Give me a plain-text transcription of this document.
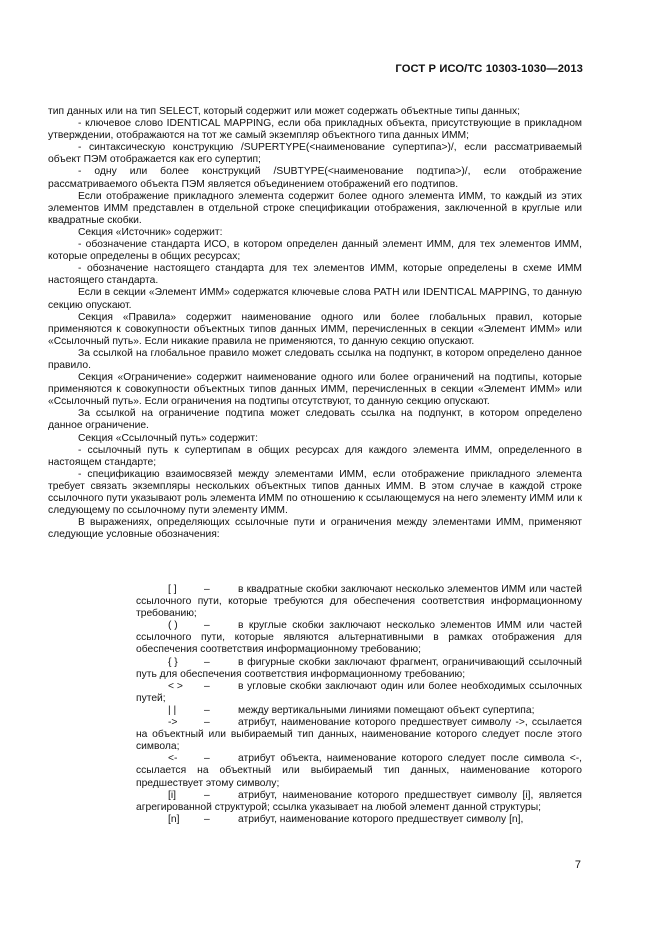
ГОСТ Р ИСО/ТС 10303-1030—2013

тип данных или на тип SELECT, который содержит или может содержать объектные типы данных;

- ключевое слово IDENTICAL MAPPING, если оба прикладных объекта, присутствующие в прикладном утверждении, отображаются на тот же самый экземпляр объектного типа данных ИММ;

- синтаксическую конструкцию /SUPERTYPE(<наименование супертипа>)/, если рассматриваемый объект ПЭМ отображается как его супертип;

- одну или более конструкций /SUBTYPE(<наименование подтипа>)/, если отображение рассматриваемого объекта ПЭМ является объединением отображений его подтипов.

Если отображение прикладного элемента содержит более одного элемента ИММ, то каждый из этих элементов ИММ представлен в отдельной строке спецификации отображения, заключенной в круглые или квадратные скобки.

Секция «Источник» содержит:

- обозначение стандарта ИСО, в котором определен данный элемент ИММ, для тех элементов ИММ, которые определены в общих ресурсах;

- обозначение настоящего стандарта для тех элементов ИММ, которые определены в схеме ИММ настоящего стандарта.

Если в секции «Элемент ИММ» содержатся ключевые слова PATH или IDENTICAL MAPPING, то данную секцию опускают.

Секция «Правила» содержит наименование одного или более глобальных правил, которые применяются к совокупности объектных типов данных ИММ, перечисленных в секции «Элемент ИММ» или «Ссылочный путь». Если никакие правила не применяются, то данную секцию опускают.

За ссылкой на глобальное правило может следовать ссылка на подпункт, в котором определено данное правило.

Секция «Ограничение» содержит наименование одного или более ограничений на подтипы, которые применяются к совокупности объектных типов данных ИММ, перечисленных в секции «Элемент ИММ» или «Ссылочный путь». Если ограничения на подтипы отсутствуют, то данную секцию опускают.

За ссылкой на ограничение подтипа может следовать ссылка на подпункт, в котором определено данное ограничение.

Секция «Ссылочный путь» содержит:

- ссылочный путь к супертипам в общих ресурсах для каждого элемента ИММ, определенного в настоящем стандарте;

- спецификацию взаимосвязей между элементами ИММ, если отображение прикладного элемента требует связать экземпляры нескольких объектных типов данных ИММ. В этом случае в каждой строке ссылочного пути указывают роль элемента ИММ по отношению к ссылающемуся на него элементу ИММ или к следующему по ссылочному пути элементу ИММ.

В выражениях, определяющих ссылочные пути и ограничения между элементами ИММ, применяют следующие условные обозначения:

[ ]	–	в квадратные скобки заключают несколько элементов ИММ или частей ссылочного пути, которые требуются для обеспечения соответствия информационному требованию;

( )	–	в круглые скобки заключают несколько элементов ИММ или частей ссылочного пути, которые являются альтернативными в рамках отображения для обеспечения соответствия информационному требованию;

{ }	–	в фигурные скобки заключают фрагмент, ограничивающий ссылочный путь для обеспечения соответствия информационному требованию;

< > –	в угловые скобки заключают один или более необходимых ссылочных путей;

| |	–	между вертикальными линиями помещают объект супертипа;

->	–	атрибут, наименование которого предшествует символу ->, ссылается на объектный или выбираемый тип данных, наименование которого следует после этого символа;

<-	–	атрибут объекта, наименование которого следует после символа <-, ссылается на объектный или выбираемый тип данных, наименование которого предшествует этому символу;

[i]	–	атрибут, наименование которого предшествует символу [i], является агрегированной структурой; ссылка указывает на любой элемент данной структуры;

[n] –	атрибут, наименование которого предшествует символу [n],

7
